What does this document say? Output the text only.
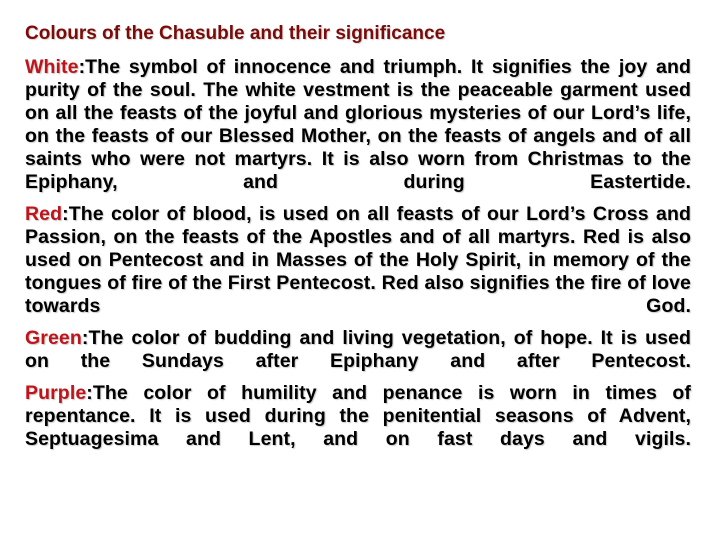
Colours of the Chasuble and their significance

White:The symbol of innocence and triumph. It signifies the joy and purity of the soul. The white vestment is the peaceable garment used on all the feasts of the joyful and glorious mysteries of our Lord’s life, on the feasts of our Blessed Mother, on the feasts of angels and of all saints who were not martyrs. It is also worn from Christmas to the Epiphany, and during Eastertide.

Red:The color of blood, is used on all feasts of our Lord’s Cross and Passion, on the feasts of the Apostles and of all martyrs. Red is also used on Pentecost and in Masses of the Holy Spirit, in memory of the tongues of fire of the First Pentecost. Red also signifies the fire of love towards God.

Green:The color of budding and living vegetation, of hope. It is used on the Sundays after Epiphany and after Pentecost.

Purple:The color of humility and penance is worn in times of repentance. It is used during the penitential seasons of Advent, Septuagesima and Lent, and on fast days and vigils.
